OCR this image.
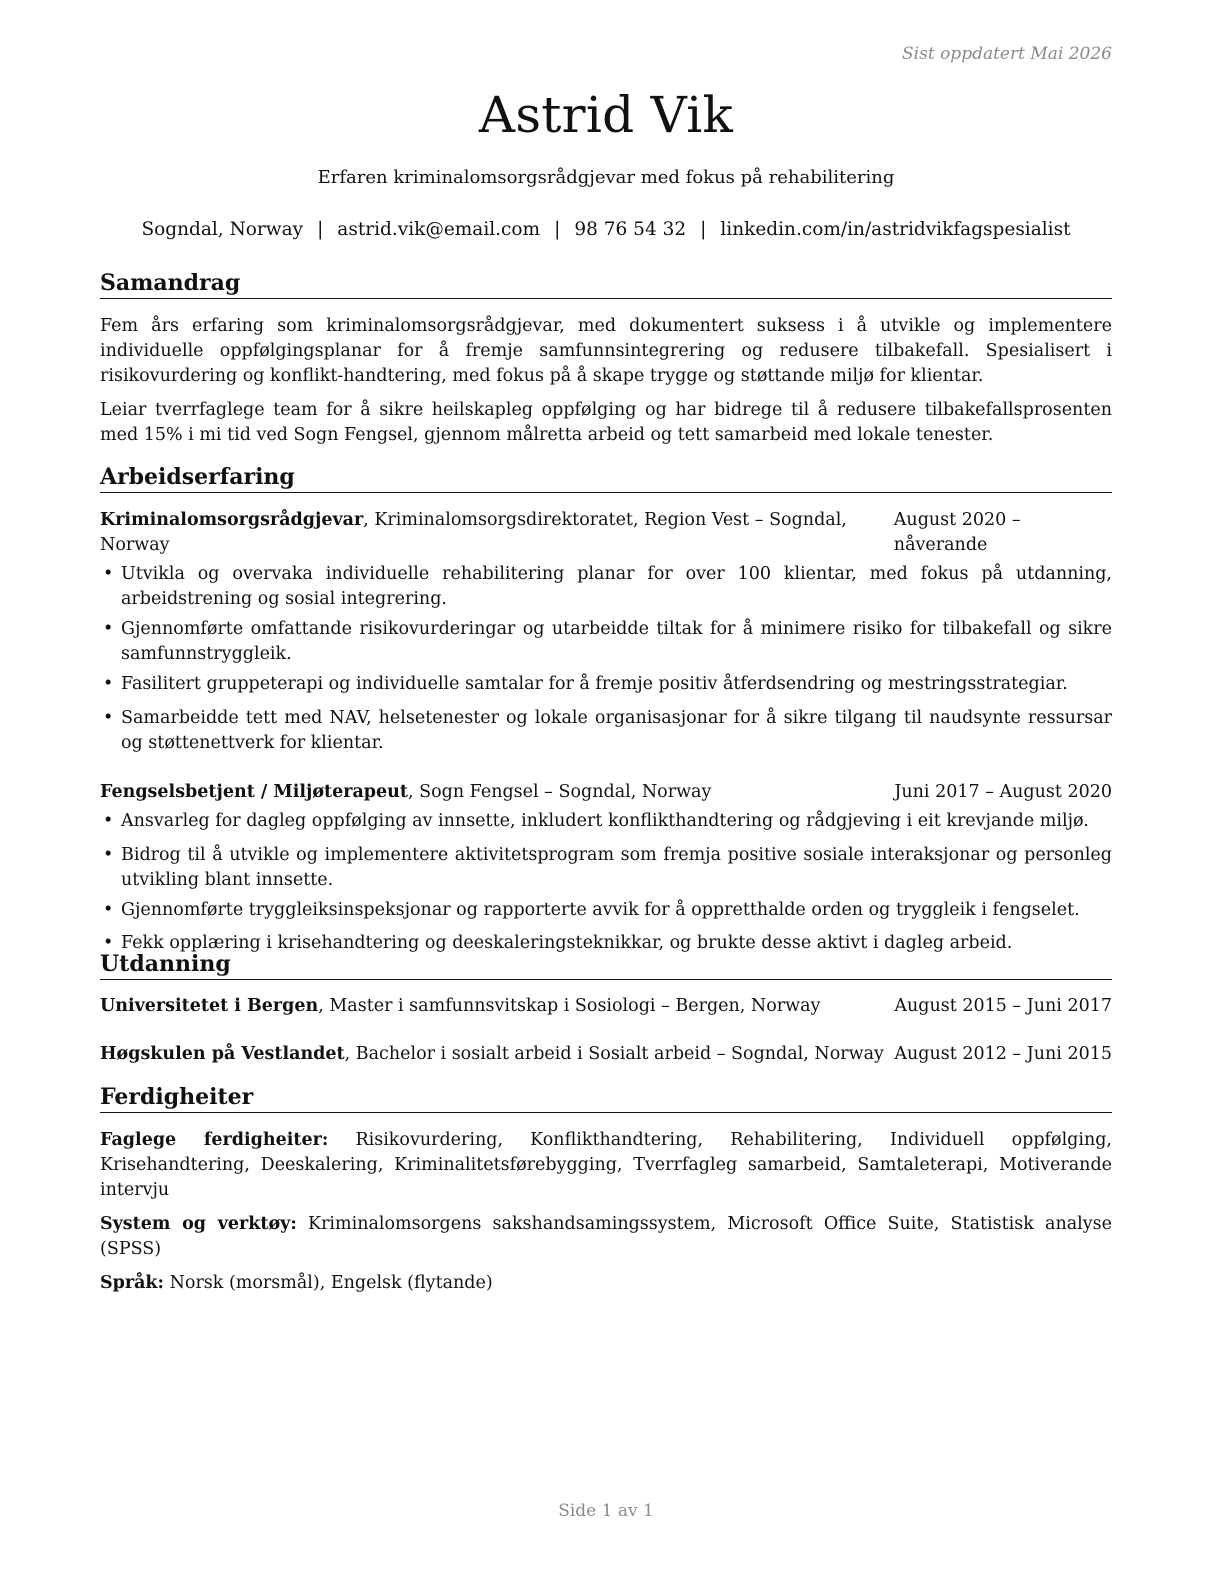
Sist oppdatert Mai 2026
Astrid Vik
Erfaren kriminalomsorgsrådgjevar med fokus på rehabilitering
Sogndal, Norway | astrid.vik@email.com | 98 76 54 32 | linkedin.com/in/astridvikfagspesialist
Samandrag

Fem års erfaring som kriminalomsorgsrådgjevar, med dokumentert suksess i å utvikle og implementere individuelle oppfølgingsplanar for å fremje samfunnsintegrering og redusere tilbakefall. Spesialisert i risikovurdering og konflikt-handtering, med fokus på å skape trygge og støttande miljø for klientar.

Leiar tverrfaglege team for å sikre heilskapleg oppfølging og har bidrege til å redusere tilbakefallsprosenten med 15% i mi tid ved Sogn Fengsel, gjennom målretta arbeid og tett samarbeid med lokale tenester.

Arbeidserfaring
Kriminalomsorgsrådgjevar, Kriminalomsorgsdirektoratet, Region Vest – Sogndal, Norway
August 2020 – nåverande
• Utvikla og overvaka individuelle rehabilitering planar for over 100 klientar, med fokus på utdanning, arbeidstrening og sosial integrering.
• Gjennomførte omfattande risikovurderingar og utarbeidde tiltak for å minimere risiko for tilbakefall og sikre samfunnstryggleik.
• Fasilitert gruppeterapi og individuelle samtalar for å fremje positiv åtferdsendring og mestringsstrategiar.
• Samarbeidde tett med NAV, helsetenester og lokale organisasjonar for å sikre tilgang til naudsynte ressursar og støttenettverk for klientar.
Fengselsbetjent / Miljøterapeut, Sogn Fengsel – Sogndal, Norway	Juni 2017 – August 2020
• Ansvarleg for dagleg oppfølging av innsette, inkludert konflikthandtering og rådgjeving i eit krevjande miljø.
• Bidrog til å utvikle og implementere aktivitetsprogram som fremja positive sosiale interaksjonar og personleg utvikling blant innsette.
• Gjennomførte tryggleiksinspeksjonar og rapporterte avvik for å oppretthalde orden og tryggleik i fengselet.
• Fekk opplæring i krisehandtering og deeskaleringsteknikkar, og brukte desse aktivt i dagleg arbeid.
Utdanning
Universitetet i Bergen, Master i samfunnsvitskap i Sosiologi – Bergen, Norway	August 2015 – Juni 2017
Høgskulen på Vestlandet, Bachelor i sosialt arbeid i Sosialt arbeid – Sogndal, Norway August 2012 – Juni 2015
Ferdigheiter
Faglege ferdigheiter: Risikovurdering, Konflikthandtering, Rehabilitering, Individuell oppfølging, Krisehandtering, Deeskalering, Kriminalitetsførebygging, Tverrfagleg samarbeid, Samtaleterapi, Motiverande intervju
System og verktøy: Kriminalomsorgens sakshandsamingssystem, Microsoft Office Suite, Statistisk analyse (SPSS)
Språk: Norsk (morsmål), Engelsk (flytande)
Side 1 av 1
